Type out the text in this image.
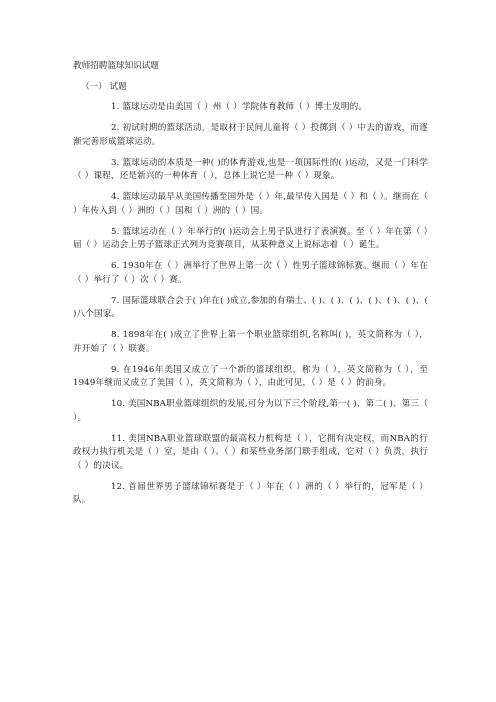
教师招聘篮球知识试题
（一） 试题

1. 篮球运动是由美国（ ）州（ ）学院体育教师（ ）博士发明的。

2. 初试时期的篮球活动，是取材于民间儿童将（ ）投掷到（ ）中去的游戏，而逐渐完善形成篮球运动。

3. 篮球运动的本质是一种( )的体育游戏,也是一项国际性的( )运动，又是一门科学（ ）课程，还是新兴的一种体育（ ），总体上说它是一种（ ）现象。

4. 篮球运动最早从美国传播至国外是（ ）年,最早传入国是（ ）和（ ）。继而在（ ）年传入到（ ）洲的（ ）国和（ ）洲的（ ）国。

5. 篮球运动在（ ）年举行的( )运动会上男子队进行了表演赛。至（ ）年在第（ ）届（ ）运动会上男子篮球正式列为竞赛项目，从某种意义上说标志着（ ）诞生。

6. 1930年在（ ）洲举行了世界上第一次（ ）性男子篮球锦标赛。继而（ ）年在（ ）举行了（ ）次（ ）赛。

7. 国际篮球联合会于( )年在( )成立,参加的有瑞士、( )、( )、( )、( )、( )、( )、( )八个国家。

8. 1898年在( )成立了世界上第一个职业篮球组织,名称叫( )，英文简称为（ ），并开始了（ ）联赛。

9. 在1946年美国又成立了一个新的篮球组织，称为（ ），英文简称为（ ），至1949年继而又成立了美国（ ），英文简称为（ ），由此可见，（ ）是（ ）的前身。

10. 美国NBA职业篮球组织的发展,可分为以下三个阶段,第一( )、第二( )、第三（ ）。

11. 美国NBA职业篮球联盟的最高权力机构是（ ），它拥有决定权，而NBA的行政权力执行机关是（ ）室，是由（ ）、（ ）和某些业务部门联手组成，它对（ ）负责，执行（ ）的决议。

12. 首届世界男子篮球锦标赛是于（ ）年在（ ）洲的（ ）举行的，冠军是（ ）队。
